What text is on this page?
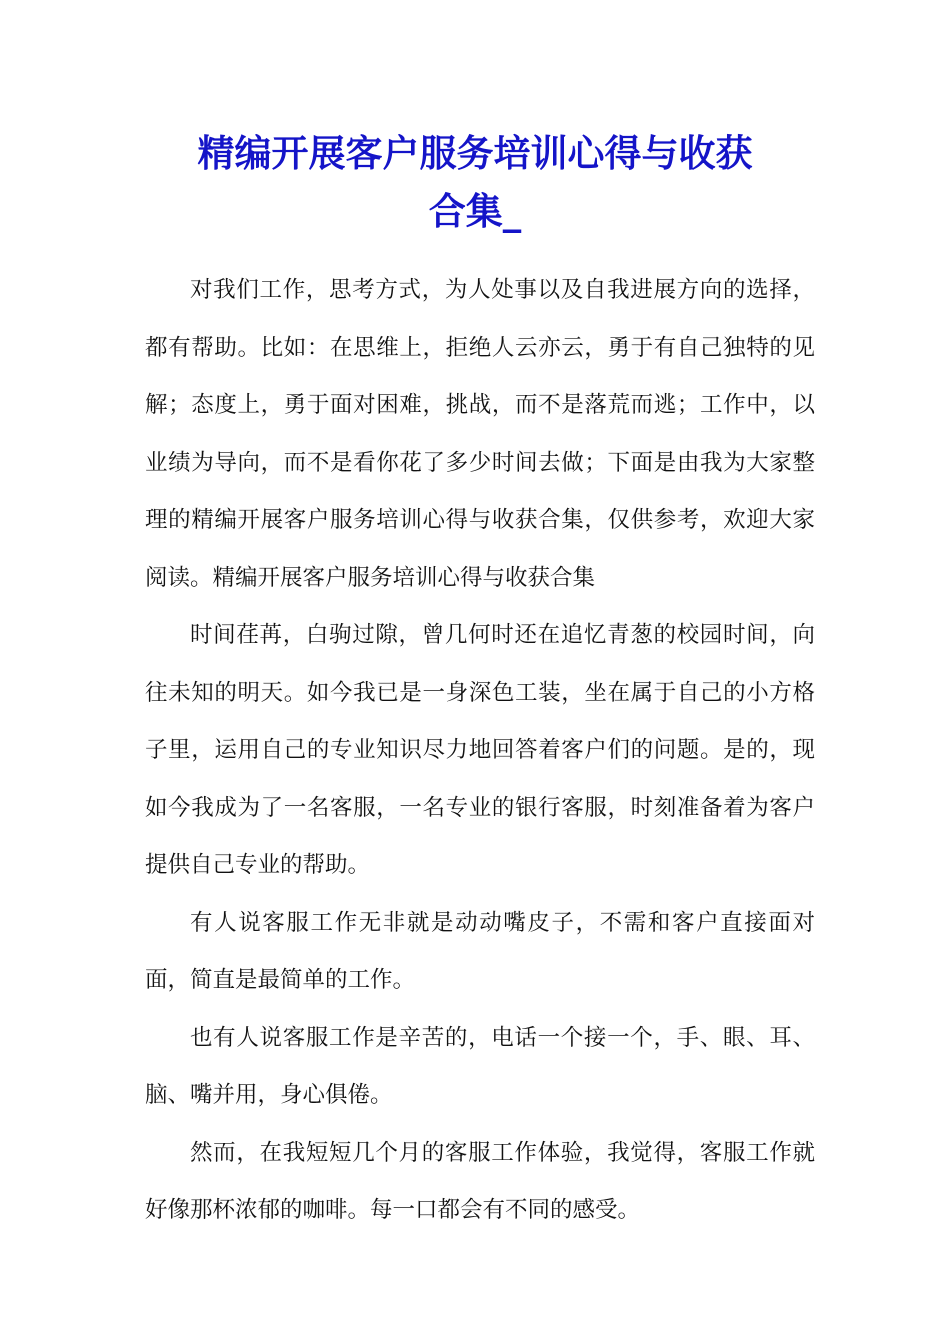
精编开展客户服务培训心得与收获
合集_

对我们工作，思考方式，为人处事以及自我进展方向的选择，都有帮助。比如：在思维上，拒绝人云亦云，勇于有自己独特的见解；态度上，勇于面对困难，挑战，而不是落荒而逃；工作中，以业绩为导向，而不是看你花了多少时间去做；下面是由我为大家整理的精编开展客户服务培训心得与收获合集，仅供参考，欢迎大家阅读。精编开展客户服务培训心得与收获合集

时间荏苒，白驹过隙，曾几何时还在追忆青葱的校园时间，向往未知的明天。如今我已是一身深色工装，坐在属于自己的小方格子里，运用自己的专业知识尽力地回答着客户们的问题。是的，现如今我成为了一名客服，一名专业的银行客服，时刻准备着为客户提供自己专业的帮助。

有人说客服工作无非就是动动嘴皮子，不需和客户直接面对面，简直是最简单的工作。

也有人说客服工作是辛苦的，电话一个接一个，手、眼、耳、脑、嘴并用，身心俱倦。

然而，在我短短几个月的客服工作体验，我觉得，客服工作就好像那杯浓郁的咖啡。每一口都会有不同的感受。
